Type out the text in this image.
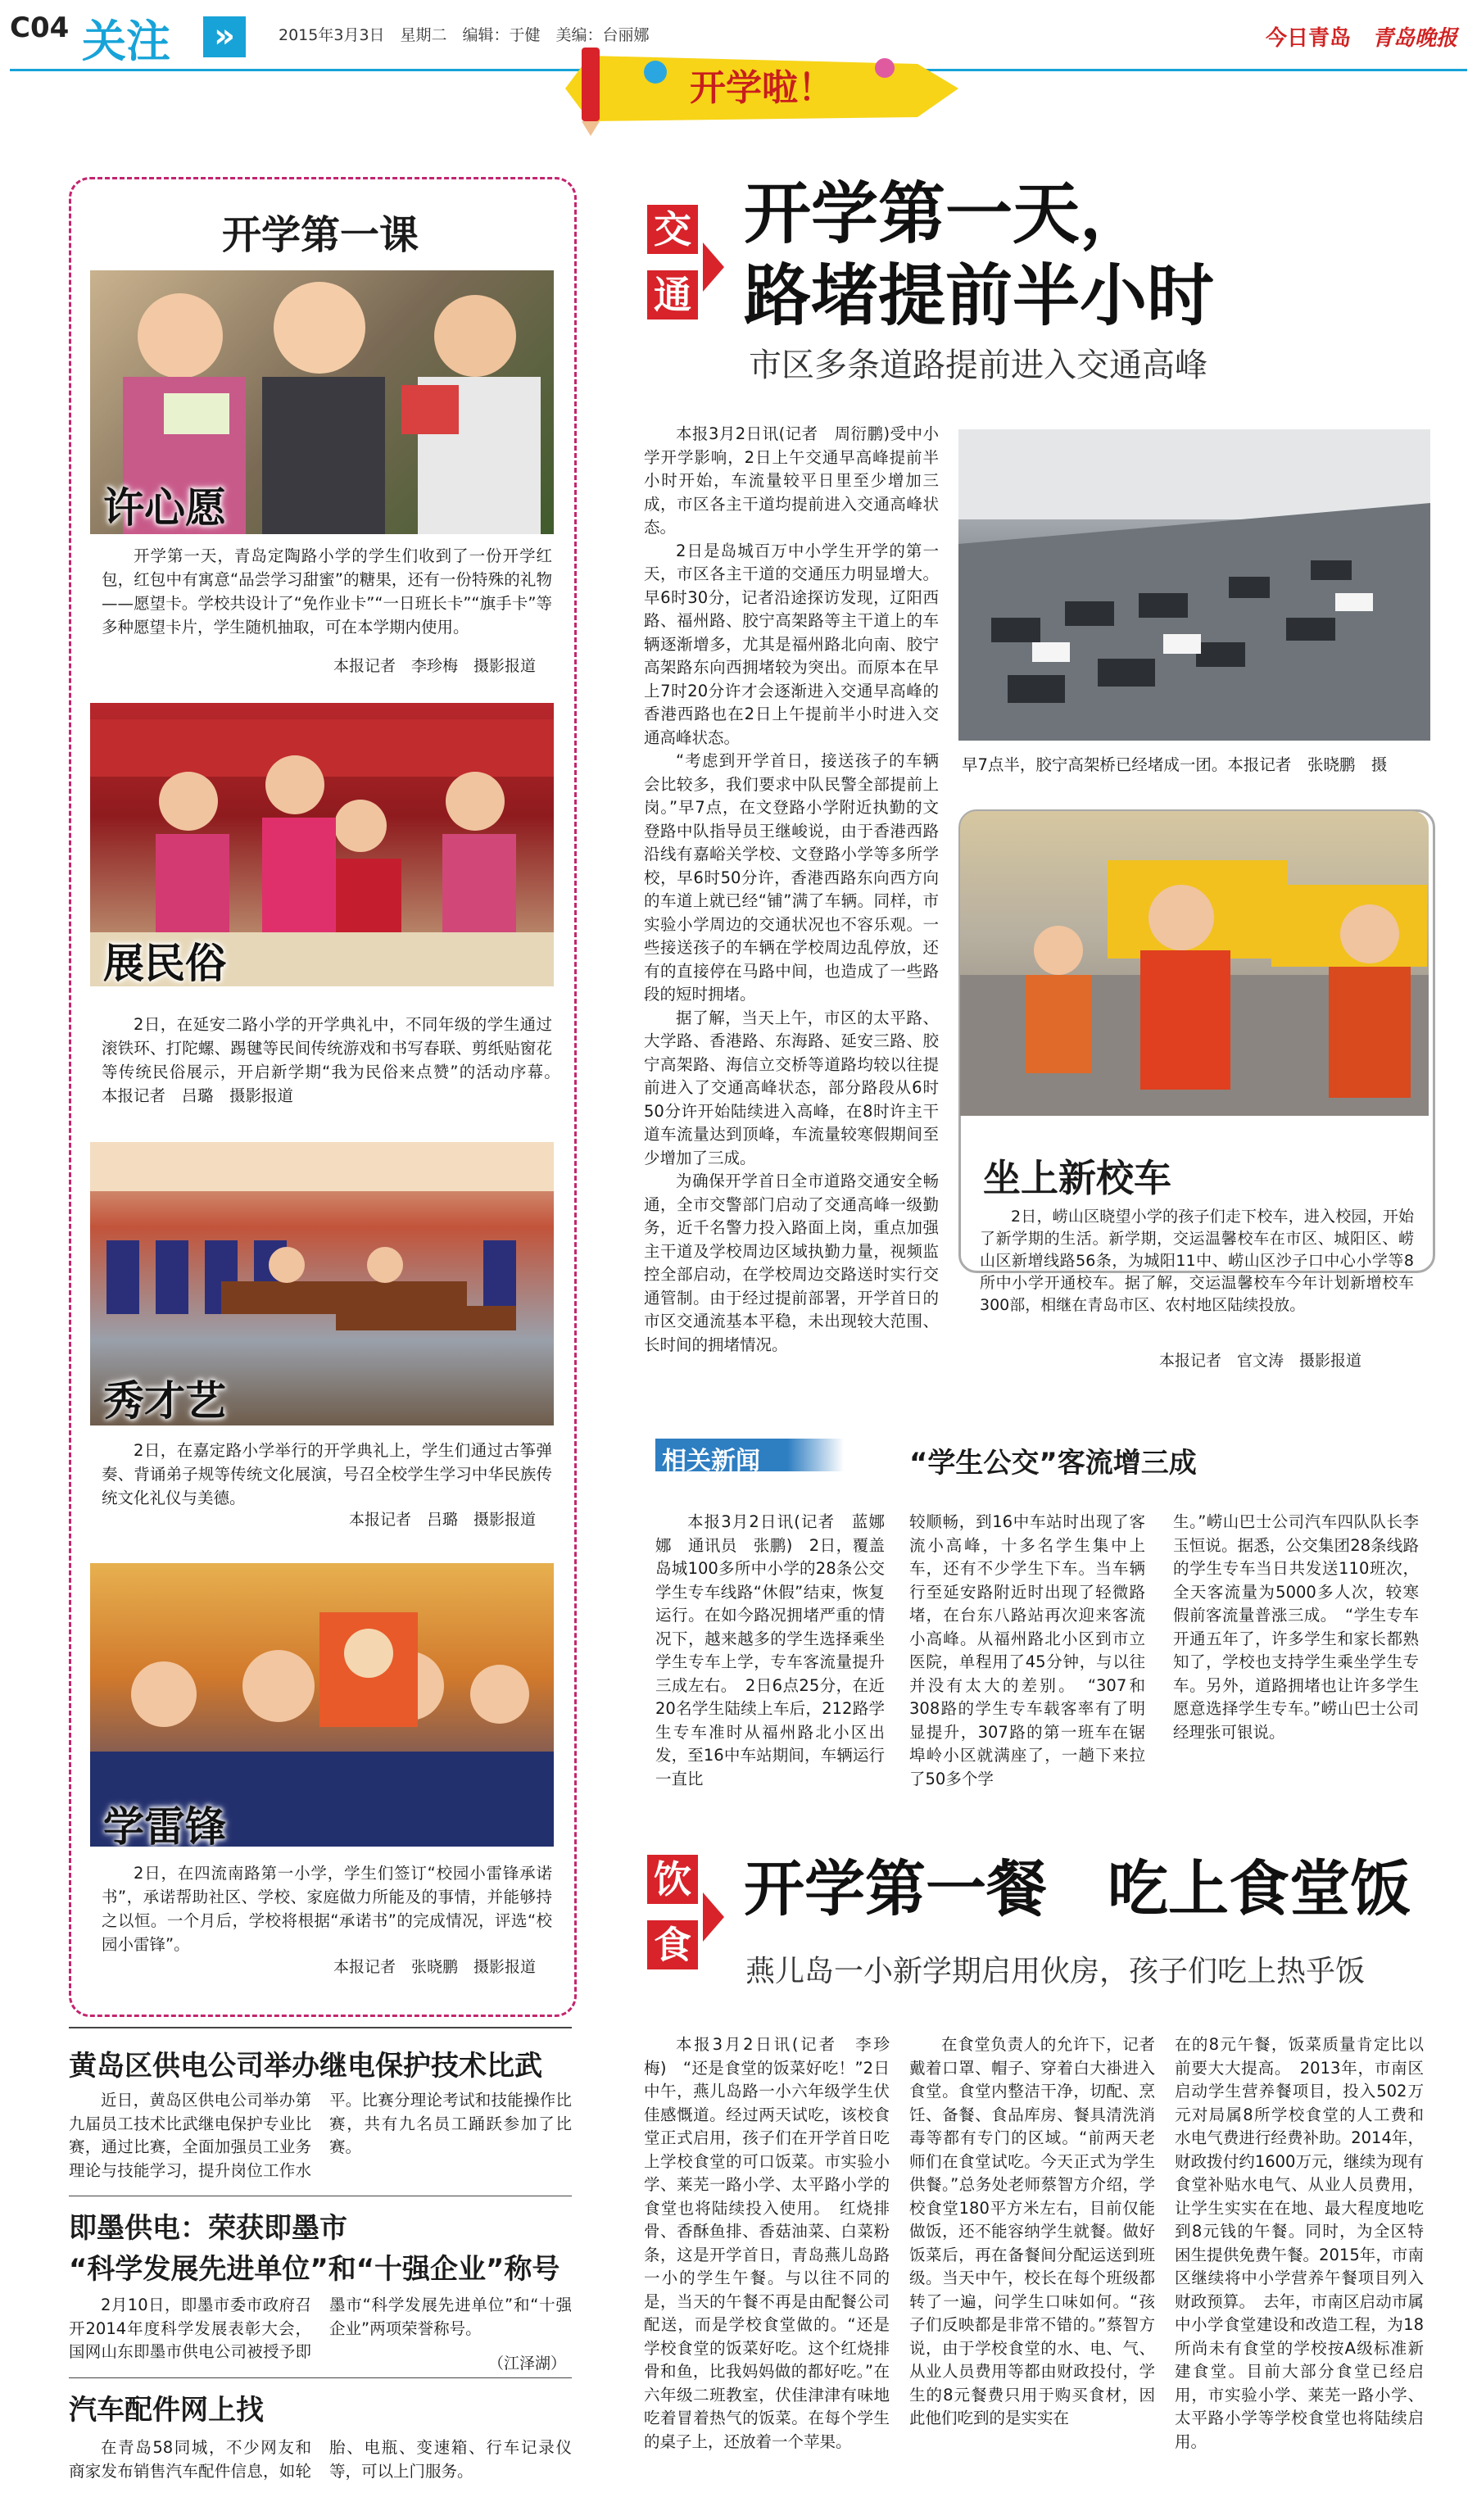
C04 关注	»	2015年3月3日　星期二　编辑：于健　美编：台丽娜	今日青岛　青岛晚报
开学啦！
开学第一课
许心愿
开学第一天，青岛定陶路小学的学生们收到了一份开学红包，红包中有寓意“品尝学习甜蜜”的糖果，还有一份特殊的礼物——愿望卡。学校共设计了“免作业卡”“一日班长卡”“旗手卡”等多种愿望卡片，学生随机抽取，可在本学期内使用。
本报记者　李珍梅　摄影报道
展民俗
2日，在延安二路小学的开学典礼中，不同年级的学生通过滚铁环、打陀螺、踢毽等民间传统游戏和书写春联、剪纸贴窗花等传统民俗展示，开启新学期“我为民俗来点赞”的活动序幕。　本报记者　吕璐　摄影报道
秀才艺
2日，在嘉定路小学举行的开学典礼上，学生们通过古筝弹奏、背诵弟子规等传统文化展演，号召全校学生学习中华民族传统文化礼仪与美德。
本报记者　吕璐　摄影报道
学雷锋
2日，在四流南路第一小学，学生们签订“校园小雷锋承诺书”，承诺帮助社区、学校、家庭做力所能及的事情，并能够持之以恒。一个月后，学校将根据“承诺书”的完成情况，评选“校园小雷锋”。
本报记者　张晓鹏　摄影报道
交
通
开学第一天，
路堵提前半小时
市区多条道路提前进入交通高峰

本报3月2日讯(记者　周衍鹏)受中小学开学影响，2日上午交通早高峰提前半小时开始，车流量较平日里至少增加三成，市区各主干道均提前进入交通高峰状态。

2日是岛城百万中小学生开学的第一天，市区各主干道的交通压力明显增大。早6时30分，记者沿途探访发现，辽阳西路、福州路、胶宁高架路等主干道上的车辆逐渐增多，尤其是福州路北向南、胶宁高架路东向西拥堵较为突出。而原本在早上7时20分许才会逐渐进入交通早高峰的香港西路也在2日上午提前半小时进入交通高峰状态。

“考虑到开学首日，接送孩子的车辆会比较多，我们要求中队民警全部提前上岗。”早7点，在文登路小学附近执勤的文登路中队指导员王继峻说，由于香港西路沿线有嘉峪关学校、文登路小学等多所学校，早6时50分许，香港西路东向西方向的车道上就已经“铺”满了车辆。同样，市实验小学周边的交通状况也不容乐观。一些接送孩子的车辆在学校周边乱停放，还有的直接停在马路中间，也造成了一些路段的短时拥堵。

据了解，当天上午，市区的太平路、大学路、香港路、东海路、延安三路、胶宁高架路、海信立交桥等道路均较以往提前进入了交通高峰状态，部分路段从6时50分许开始陆续进入高峰，在8时许主干道车流量达到顶峰，车流量较寒假期间至少增加了三成。

为确保开学首日全市道路交通安全畅通，全市交警部门启动了交通高峰一级勤务，近千名警力投入路面上岗，重点加强主干道及学校周边区域执勤力量，视频监控全部启动，在学校周边交路送时实行交通管制。由于经过提前部署，开学首日的市区交通流基本平稳，未出现较大范围、长时间的拥堵情况。

早7点半，胶宁高架桥已经堵成一团。本报记者　张晓鹏　摄
坐上新校车
2日，崂山区晓望小学的孩子们走下校车，进入校园，开始了新学期的生活。新学期，交运温馨校车在市区、城阳区、崂山区新增线路56条，为城阳11中、崂山区沙子口中心小学等8所中小学开通校车。据了解，交运温馨校车今年计划新增校车300部，相继在青岛市区、农村地区陆续投放。
本报记者　官文涛　摄影报道
相关新闻	“学生公交”客流增三成

本报3月2日讯(记者　蓝娜娜　通讯员　张鹏)　2日，覆盖岛城100多所中小学的28条公交学生专车线路“休假”结束，恢复运行。在如今路况拥堵严重的情况下，越来越多的学生选择乘坐学生专车上学，专车客流量提升三成左右。　2日6点25分，在近20名学生陆续上车后，212路学生专车准时从福州路北小区出发，至16中车站期间，车辆运行一直比

较顺畅，到16中车站时出现了客流小高峰，十多名学生集中上车，还有不少学生下车。当车辆行至延安路附近时出现了轻微路堵，在台东八路站再次迎来客流小高峰。从福州路北小区到市立医院，单程用了45分钟，与以往并没有太大的差别。　“307和308路的学生专车载客率有了明显提升，307路的第一班车在锯埠岭小区就满座了，一趟下来拉了50多个学

生。”崂山巴士公司汽车四队队长李玉恒说。据悉，公交集团28条线路的学生专车当日共发送110班次，全天客流量为5000多人次，较寒假前客流量普涨三成。　“学生专车开通五年了，许多学生和家长都熟知了，学校也支持学生乘坐学生专车。另外，道路拥堵也让许多学生愿意选择学生专车。”崂山巴士公司经理张可银说。

饮
食
开学第一餐　吃上食堂饭
燕儿岛一小新学期启用伙房，孩子们吃上热乎饭

本报3月2日讯(记者　李珍梅)　“还是食堂的饭菜好吃！”2日中午，燕儿岛路一小六年级学生伏佳感慨道。经过两天试吃，该校食堂正式启用，孩子们在开学首日吃上学校食堂的可口饭菜。市实验小学、莱芜一路小学、太平路小学的食堂也将陆续投入使用。　红烧排骨、香酥鱼排、香菇油菜、白菜粉条，这是开学首日，青岛燕儿岛路一小的学生午餐。与以往不同的是，当天的午餐不再是由配餐公司配送，而是学校食堂做的。“还是学校食堂的饭菜好吃。这个红烧排骨和鱼，比我妈妈做的都好吃。”在六年级二班教室，伏佳津津有味地吃着冒着热气的饭菜。在每个学生的桌子上，还放着一个苹果。

在食堂负责人的允许下，记者戴着口罩、帽子、穿着白大褂进入食堂。食堂内整洁干净，切配、烹饪、备餐、食品库房、餐具清洗消毒等都有专门的区域。“前两天老师们在食堂试吃。今天正式为学生供餐。”总务处老师蔡智方介绍，学校食堂180平方米左右，目前仅能做饭，还不能容纳学生就餐。做好饭菜后，再在备餐间分配运送到班级。当天中午，校长在每个班级都转了一遍，问学生口味如何。“孩子们反映都是非常不错的。”蔡智方说，由于学校食堂的水、电、气、从业人员费用等都由财政投付，学生的8元餐费只用于购买食材，因此他们吃到的是实实在

在的8元午餐，饭菜质量肯定比以前要大大提高。　2013年，市南区启动学生营养餐项目，投入502万元对局属8所学校食堂的人工费和水电气费进行经费补助。2014年，财政拨付约1600万元，继续为现有食堂补贴水电气、从业人员费用，让学生实实在在地、最大程度地吃到8元钱的午餐。同时，为全区特困生提供免费午餐。2015年，市南区继续将中小学营养午餐项目列入财政预算。　去年，市南区启动市属中小学食堂建设和改造工程，为18所尚未有食堂的学校按A级标准新建食堂。目前大部分食堂已经启用，市实验小学、莱芜一路小学、太平路小学等学校食堂也将陆续启用。

黄岛区供电公司举办继电保护技术比武

近日，黄岛区供电公司举办第九届员工技术比武继电保护专业比赛，通过比赛，全面加强员工业务理论与技能学习，提升岗位工作水平。比赛分理论考试和技能操作比赛，共有九名员工踊跃参加了比赛。

即墨供电：荣获即墨市
“科学发展先进单位”和“十强企业”称号

2月10日，即墨市委市政府召开2014年度科学发展表彰大会，国网山东即墨市供电公司被授予即墨市“科学发展先进单位”和“十强企业”两项荣誉称号。

（江泽湖）
汽车配件网上找

在青岛58同城，不少网友和商家发布销售汽车配件信息，如轮胎、电瓶、变速箱、行车记录仪等，可以上门服务。
